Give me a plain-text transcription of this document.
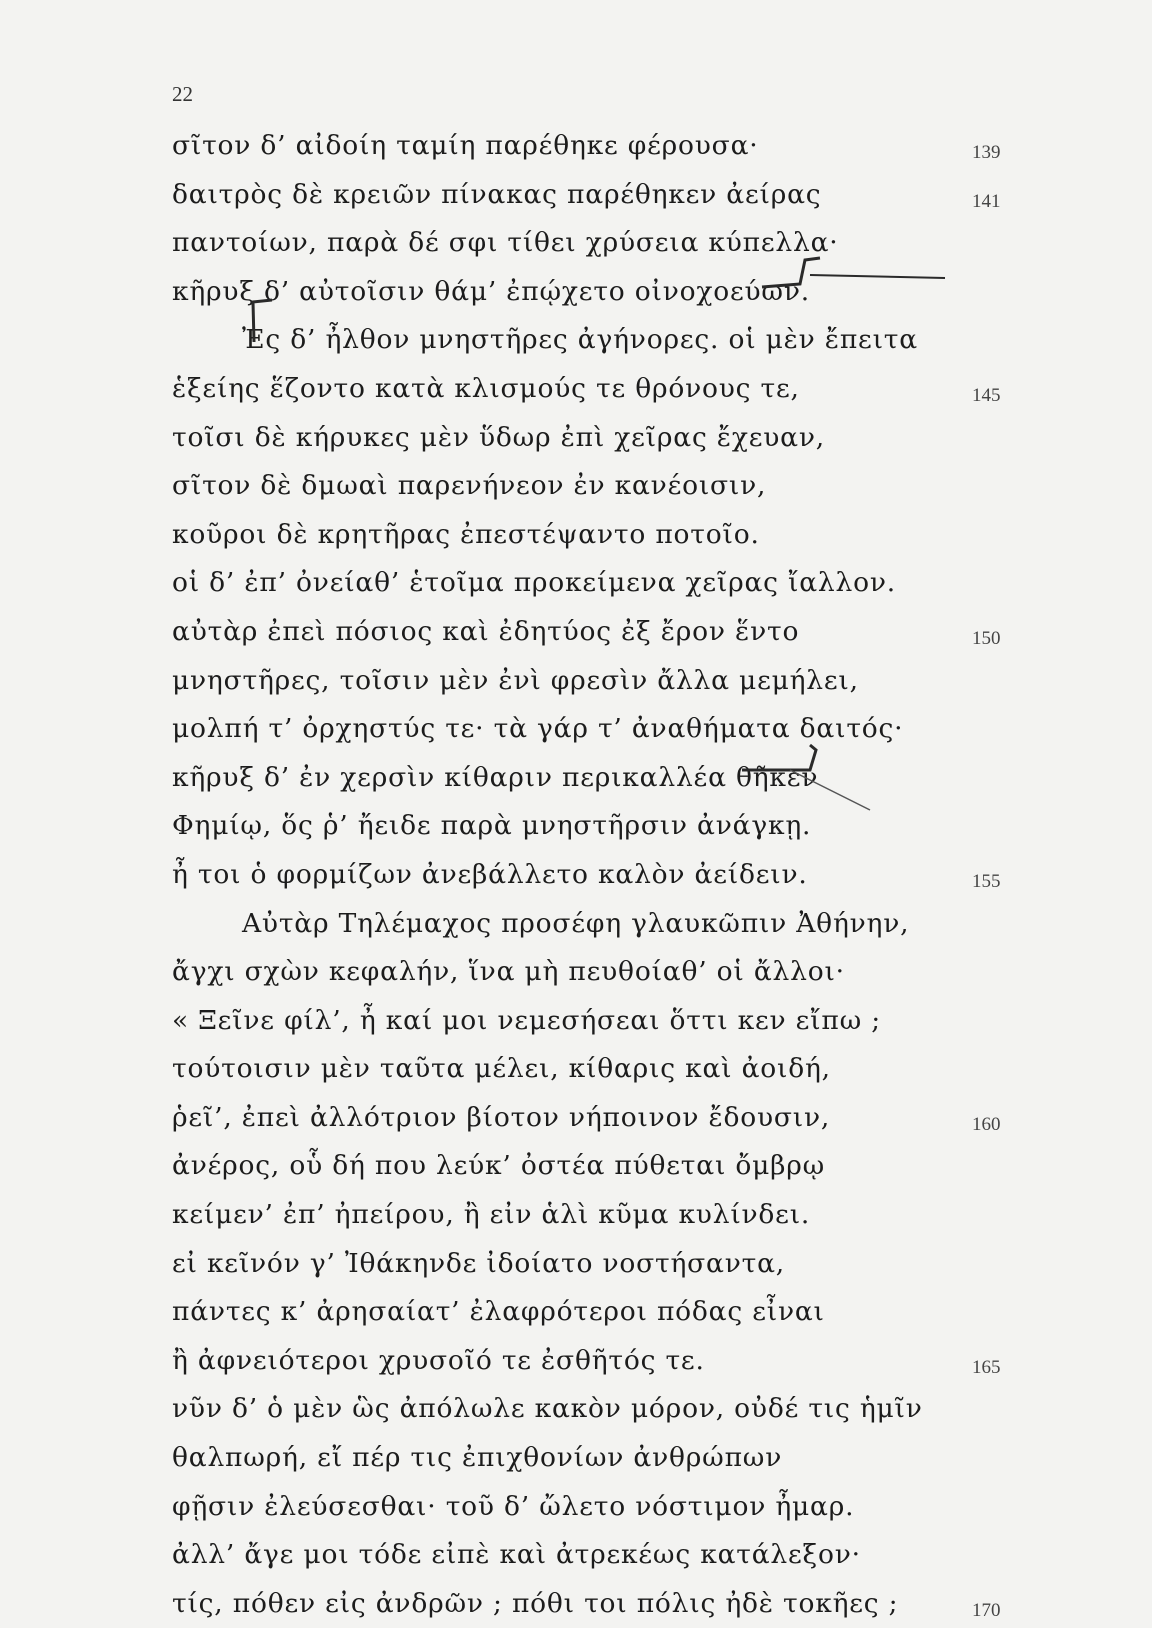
22
σῖτον δ’ αἰδοίη ταμίη παρέθηκε φέρουσα·	139
δαιτρὸς δὲ κρειῶν πίνακας παρέθηκεν ἀείρας	141
παντοίων, παρὰ δέ σφι τίθει χρύσεια κύπελλα·
κῆρυξ δ’ αὐτοῖσιν θάμ’ ἐπῴχετο οἰνοχοεύων.
Ἐς δ’ ἦλθον μνηστῆρες ἀγήνορες. οἱ μὲν ἔπειτα
ἑξείης ἕζοντο κατὰ κλισμούς τε θρόνους τε,	145
τοῖσι δὲ κήρυκες μὲν ὕδωρ ἐπὶ χεῖρας ἔχευαν,
σῖτον δὲ δμωαὶ παρενήνεον ἐν κανέοισιν,
κοῦροι δὲ κρητῆρας ἐπεστέψαντο ποτοῖο.
οἱ δ’ ἐπ’ ὀνείαθ’ ἑτοῖμα προκείμενα χεῖρας ἴαλλον.
αὐτὰρ ἐπεὶ πόσιος καὶ ἐδητύος ἐξ ἔρον ἕντο	150
μνηστῆρες, τοῖσιν μὲν ἐνὶ φρεσὶν ἄλλα μεμήλει,
μολπή τ’ ὀρχηστύς τε· τὰ γάρ τ’ ἀναθήματα δαιτός·
κῆρυξ δ’ ἐν χερσὶν κίθαριν περικαλλέα θῆκεν
Φημίῳ, ὅς ῥ’ ἤειδε παρὰ μνηστῆρσιν ἀνάγκῃ.
ἦ τοι ὁ φορμίζων ἀνεβάλλετο καλὸν ἀείδειν.	155
Αὐτὰρ Τηλέμαχος προσέφη γλαυκῶπιν Ἀθήνην,
ἄγχι σχὼν κεφαλήν, ἵνα μὴ πευθοίαθ’ οἱ ἄλλοι·
« Ξεῖνε φίλ’, ἦ καί μοι νεμεσήσεαι ὅττι κεν εἴπω ;
τούτοισιν μὲν ταῦτα μέλει, κίθαρις καὶ ἀοιδή,
ῥεῖ’, ἐπεὶ ἀλλότριον βίοτον νήποινον ἔδουσιν,	160
ἀνέρος, οὗ δή που λεύκ’ ὀστέα πύθεται ὄμβρῳ
κείμεν’ ἐπ’ ἠπείρου, ἢ εἰν ἁλὶ κῦμα κυλίνδει.
εἰ κεῖνόν γ’ Ἰθάκηνδε ἰδοίατο νοστήσαντα,
πάντες κ’ ἀρησαίατ’ ἐλαφρότεροι πόδας εἶναι
ἢ ἀφνειότεροι χρυσοῖό τε ἐσθῆτός τε.	165
νῦν δ’ ὁ μὲν ὣς ἀπόλωλε κακὸν μόρον, οὐδέ τις ἡμῖν
θαλπωρή, εἴ πέρ τις ἐπιχθονίων ἀνθρώπων
φῇσιν ἐλεύσεσθαι· τοῦ δ’ ὤλετο νόστιμον ἦμαρ.
ἀλλ’ ἄγε μοι τόδε εἰπὲ καὶ ἀτρεκέως κατάλεξον·
τίς, πόθεν εἰς ἀνδρῶν ; πόθι τοι πόλις ἠδὲ τοκῆες ;	170
